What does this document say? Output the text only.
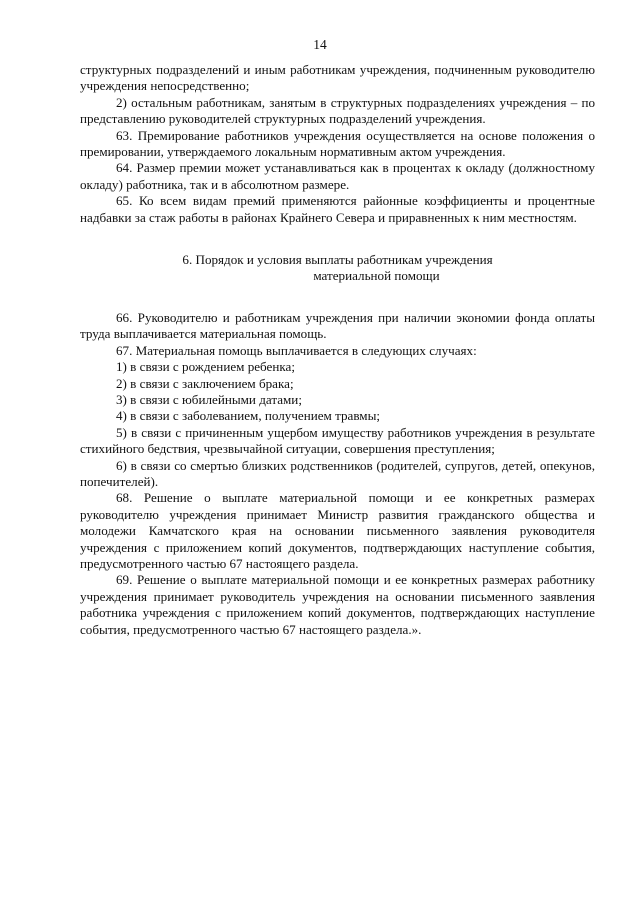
14

структурных подразделений и иным работникам учреждения, подчиненным руководителю учреждения непосредственно;

2) остальным работникам, занятым в структурных подразделениях учреждения – по представлению руководителей структурных подразделений учреждения.

63. Премирование работников учреждения осуществляется на основе положения о премировании, утверждаемого локальным нормативным актом учреждения.

64. Размер премии может устанавливаться как в процентах к окладу (должностному окладу) работника, так и в абсолютном размере.

65. Ко всем видам премий применяются районные коэффициенты и процентные надбавки за стаж работы в районах Крайнего Севера и приравненных к ним местностям.

6. Порядок и условия выплаты работникам учреждения
материальной помощи

66. Руководителю и работникам учреждения при наличии экономии фонда оплаты труда выплачивается материальная помощь.

67. Материальная помощь выплачивается в следующих случаях:

1) в связи с рождением ребенка;

2) в связи с заключением брака;

3) в связи с юбилейными датами;

4) в связи с заболеванием, получением травмы;

5) в связи с причиненным ущербом имуществу работников учреждения в результате стихийного бедствия, чрезвычайной ситуации, совершения преступления;

6) в связи со смертью близких родственников (родителей, супругов, детей, опекунов, попечителей).

68. Решение о выплате материальной помощи и ее конкретных размерах руководителю учреждения принимает Министр развития гражданского общества и молодежи Камчатского края на основании письменного заявления руководителя учреждения с приложением копий документов, подтверждающих наступление события, предусмотренного частью 67 настоящего раздела.

69. Решение о выплате материальной помощи и ее конкретных размерах работнику учреждения принимает руководитель учреждения на основании письменного заявления работника учреждения с приложением копий документов, подтверждающих наступление события, предусмотренного частью 67 настоящего раздела.».
